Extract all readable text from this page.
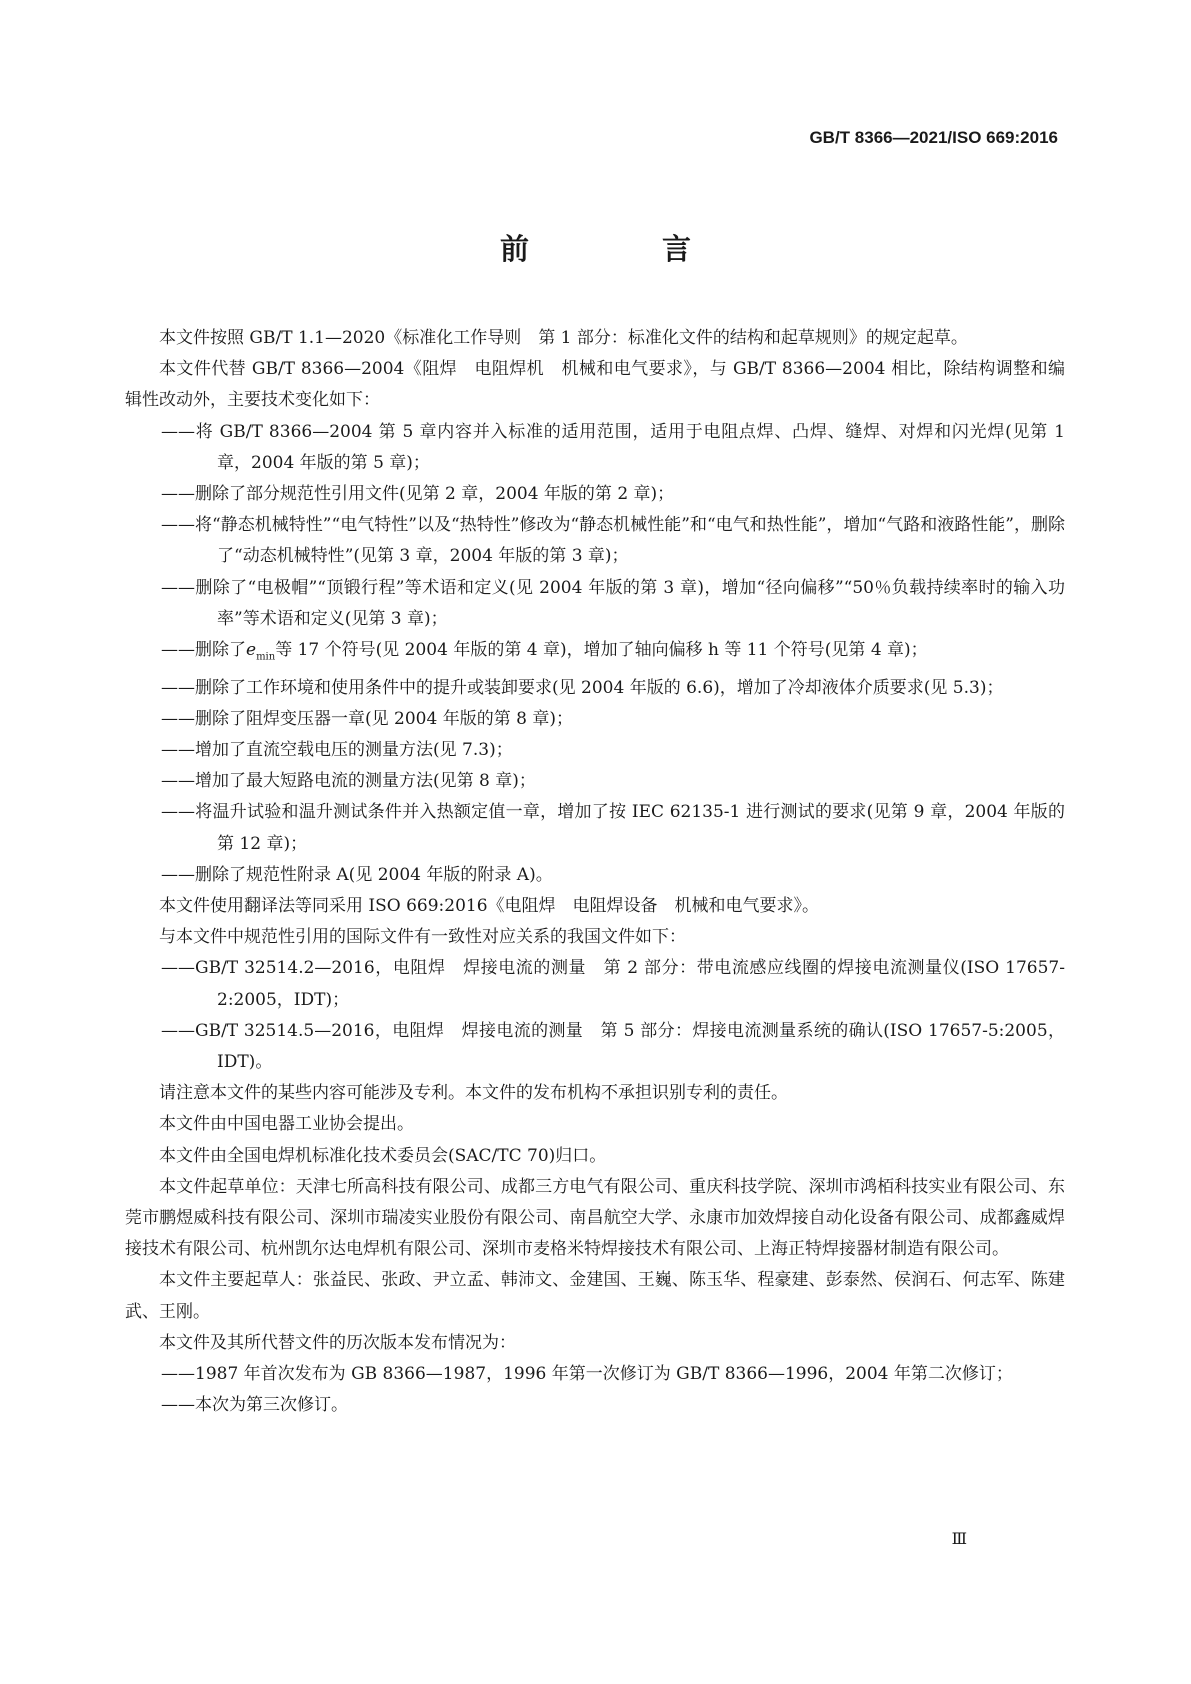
GB/T 8366—2021/ISO 669:2016
前　言

本文件按照 GB/T 1.1—2020《标准化工作导则　第 1 部分：标准化文件的结构和起草规则》的规定起草。

本文件代替 GB/T 8366—2004《阻焊　电阻焊机　机械和电气要求》，与 GB/T 8366—2004 相比，除结构调整和编辑性改动外，主要技术变化如下：

——将 GB/T 8366—2004 第 5 章内容并入标准的适用范围，适用于电阻点焊、凸焊、缝焊、对焊和闪光焊(见第 1 章，2004 年版的第 5 章)；

——删除了部分规范性引用文件(见第 2 章，2004 年版的第 2 章)；

——将“静态机械特性”“电气特性”以及“热特性”修改为“静态机械性能”和“电气和热性能”，增加“气路和液路性能”，删除了“动态机械特性”(见第 3 章，2004 年版的第 3 章)；

——删除了“电极帽”“顶锻行程”等术语和定义(见 2004 年版的第 3 章)，增加“径向偏移”“50％负载持续率时的输入功率”等术语和定义(见第 3 章)；

——删除了$e_{min}$等 17 个符号(见 2004 年版的第 4 章)，增加了轴向偏移 h 等 11 个符号(见第 4 章)；

——删除了工作环境和使用条件中的提升或装卸要求(见 2004 年版的 6.6)，增加了冷却液体介质要求(见 5.3)；

——删除了阻焊变压器一章(见 2004 年版的第 8 章)；

——增加了直流空载电压的测量方法(见 7.3)；

——增加了最大短路电流的测量方法(见第 8 章)；

——将温升试验和温升测试条件并入热额定值一章，增加了按 IEC 62135-1 进行测试的要求(见第 9 章，2004 年版的第 12 章)；

——删除了规范性附录 A(见 2004 年版的附录 A)。

本文件使用翻译法等同采用 ISO 669:2016《电阻焊　电阻焊设备　机械和电气要求》。

与本文件中规范性引用的国际文件有一致性对应关系的我国文件如下：

——GB/T 32514.2—2016，电阻焊　焊接电流的测量　第 2 部分：带电流感应线圈的焊接电流测量仪(ISO 17657-2:2005，IDT)；

——GB/T 32514.5—2016，电阻焊　焊接电流的测量　第 5 部分：焊接电流测量系统的确认(ISO 17657-5:2005，IDT)。

请注意本文件的某些内容可能涉及专利。本文件的发布机构不承担识别专利的责任。

本文件由中国电器工业协会提出。

本文件由全国电焊机标准化技术委员会(SAC/TC 70)归口。

本文件起草单位：天津七所高科技有限公司、成都三方电气有限公司、重庆科技学院、深圳市鸿栢科技实业有限公司、东莞市鹏煜威科技有限公司、深圳市瑞凌实业股份有限公司、南昌航空大学、永康市加效焊接自动化设备有限公司、成都鑫威焊接技术有限公司、杭州凯尔达电焊机有限公司、深圳市麦格米特焊接技术有限公司、上海正特焊接器材制造有限公司。

本文件主要起草人：张益民、张政、尹立孟、韩沛文、金建国、王巍、陈玉华、程豪建、彭泰然、侯润石、何志军、陈建武、王刚。

本文件及其所代替文件的历次版本发布情况为：

——1987 年首次发布为 GB 8366—1987，1996 年第一次修订为 GB/T 8366—1996，2004 年第二次修订；

——本次为第三次修订。

Ⅲ
